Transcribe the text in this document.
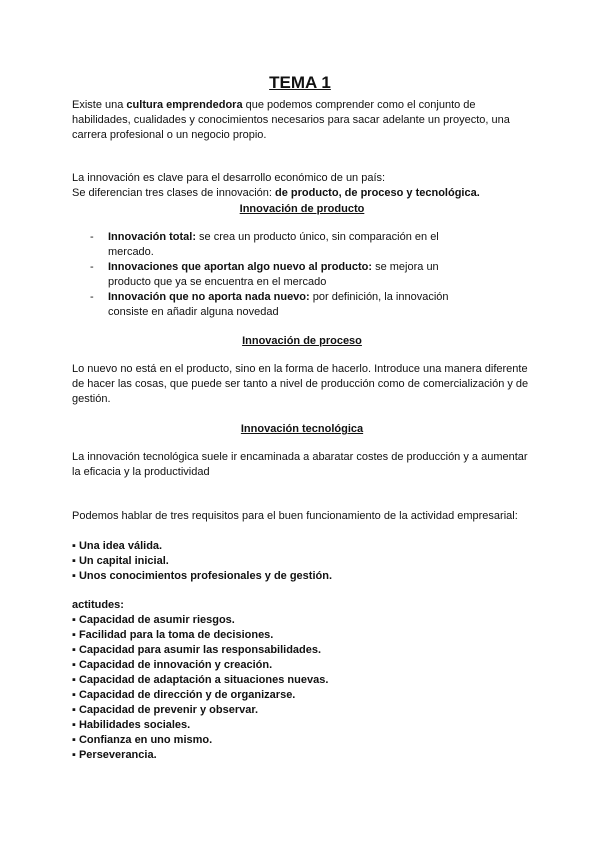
TEMA 1
Existe una cultura emprendedora que podemos comprender como el conjunto de habilidades, cualidades y conocimientos necesarios para sacar adelante un proyecto, una carrera profesional o un negocio propio.
La innovación es clave para el desarrollo económico de un país:
Se diferencian tres clases de innovación: de producto, de proceso y tecnológica.
Innovación de producto
- Innovación total: se crea un producto único, sin comparación en el mercado.
- Innovaciones que aportan algo nuevo al producto: se mejora un producto que ya se encuentra en el mercado
- Innovación que no aporta nada nuevo: por definición, la innovación consiste en añadir alguna novedad
Innovación de proceso
Lo nuevo no está en el producto, sino en la forma de hacerlo. Introduce una manera diferente de hacer las cosas, que puede ser tanto a nivel de producción como de comercialización y de gestión.
Innovación tecnológica
La innovación tecnológica suele ir encaminada a abaratar costes de producción y a aumentar la eficacia y la productividad
Podemos hablar de tres requisitos para el buen funcionamiento de la actividad empresarial:
▪ Una idea válida.
▪ Un capital inicial.
▪ Unos conocimientos profesionales y de gestión.
actitudes:
▪ Capacidad de asumir riesgos.
▪ Facilidad para la toma de decisiones.
▪ Capacidad para asumir las responsabilidades.
▪ Capacidad de innovación y creación.
▪ Capacidad de adaptación a situaciones nuevas.
▪ Capacidad de dirección y de organizarse.
▪ Capacidad de prevenir y observar.
▪ Habilidades sociales.
▪ Confianza en uno mismo.
▪ Perseverancia.
